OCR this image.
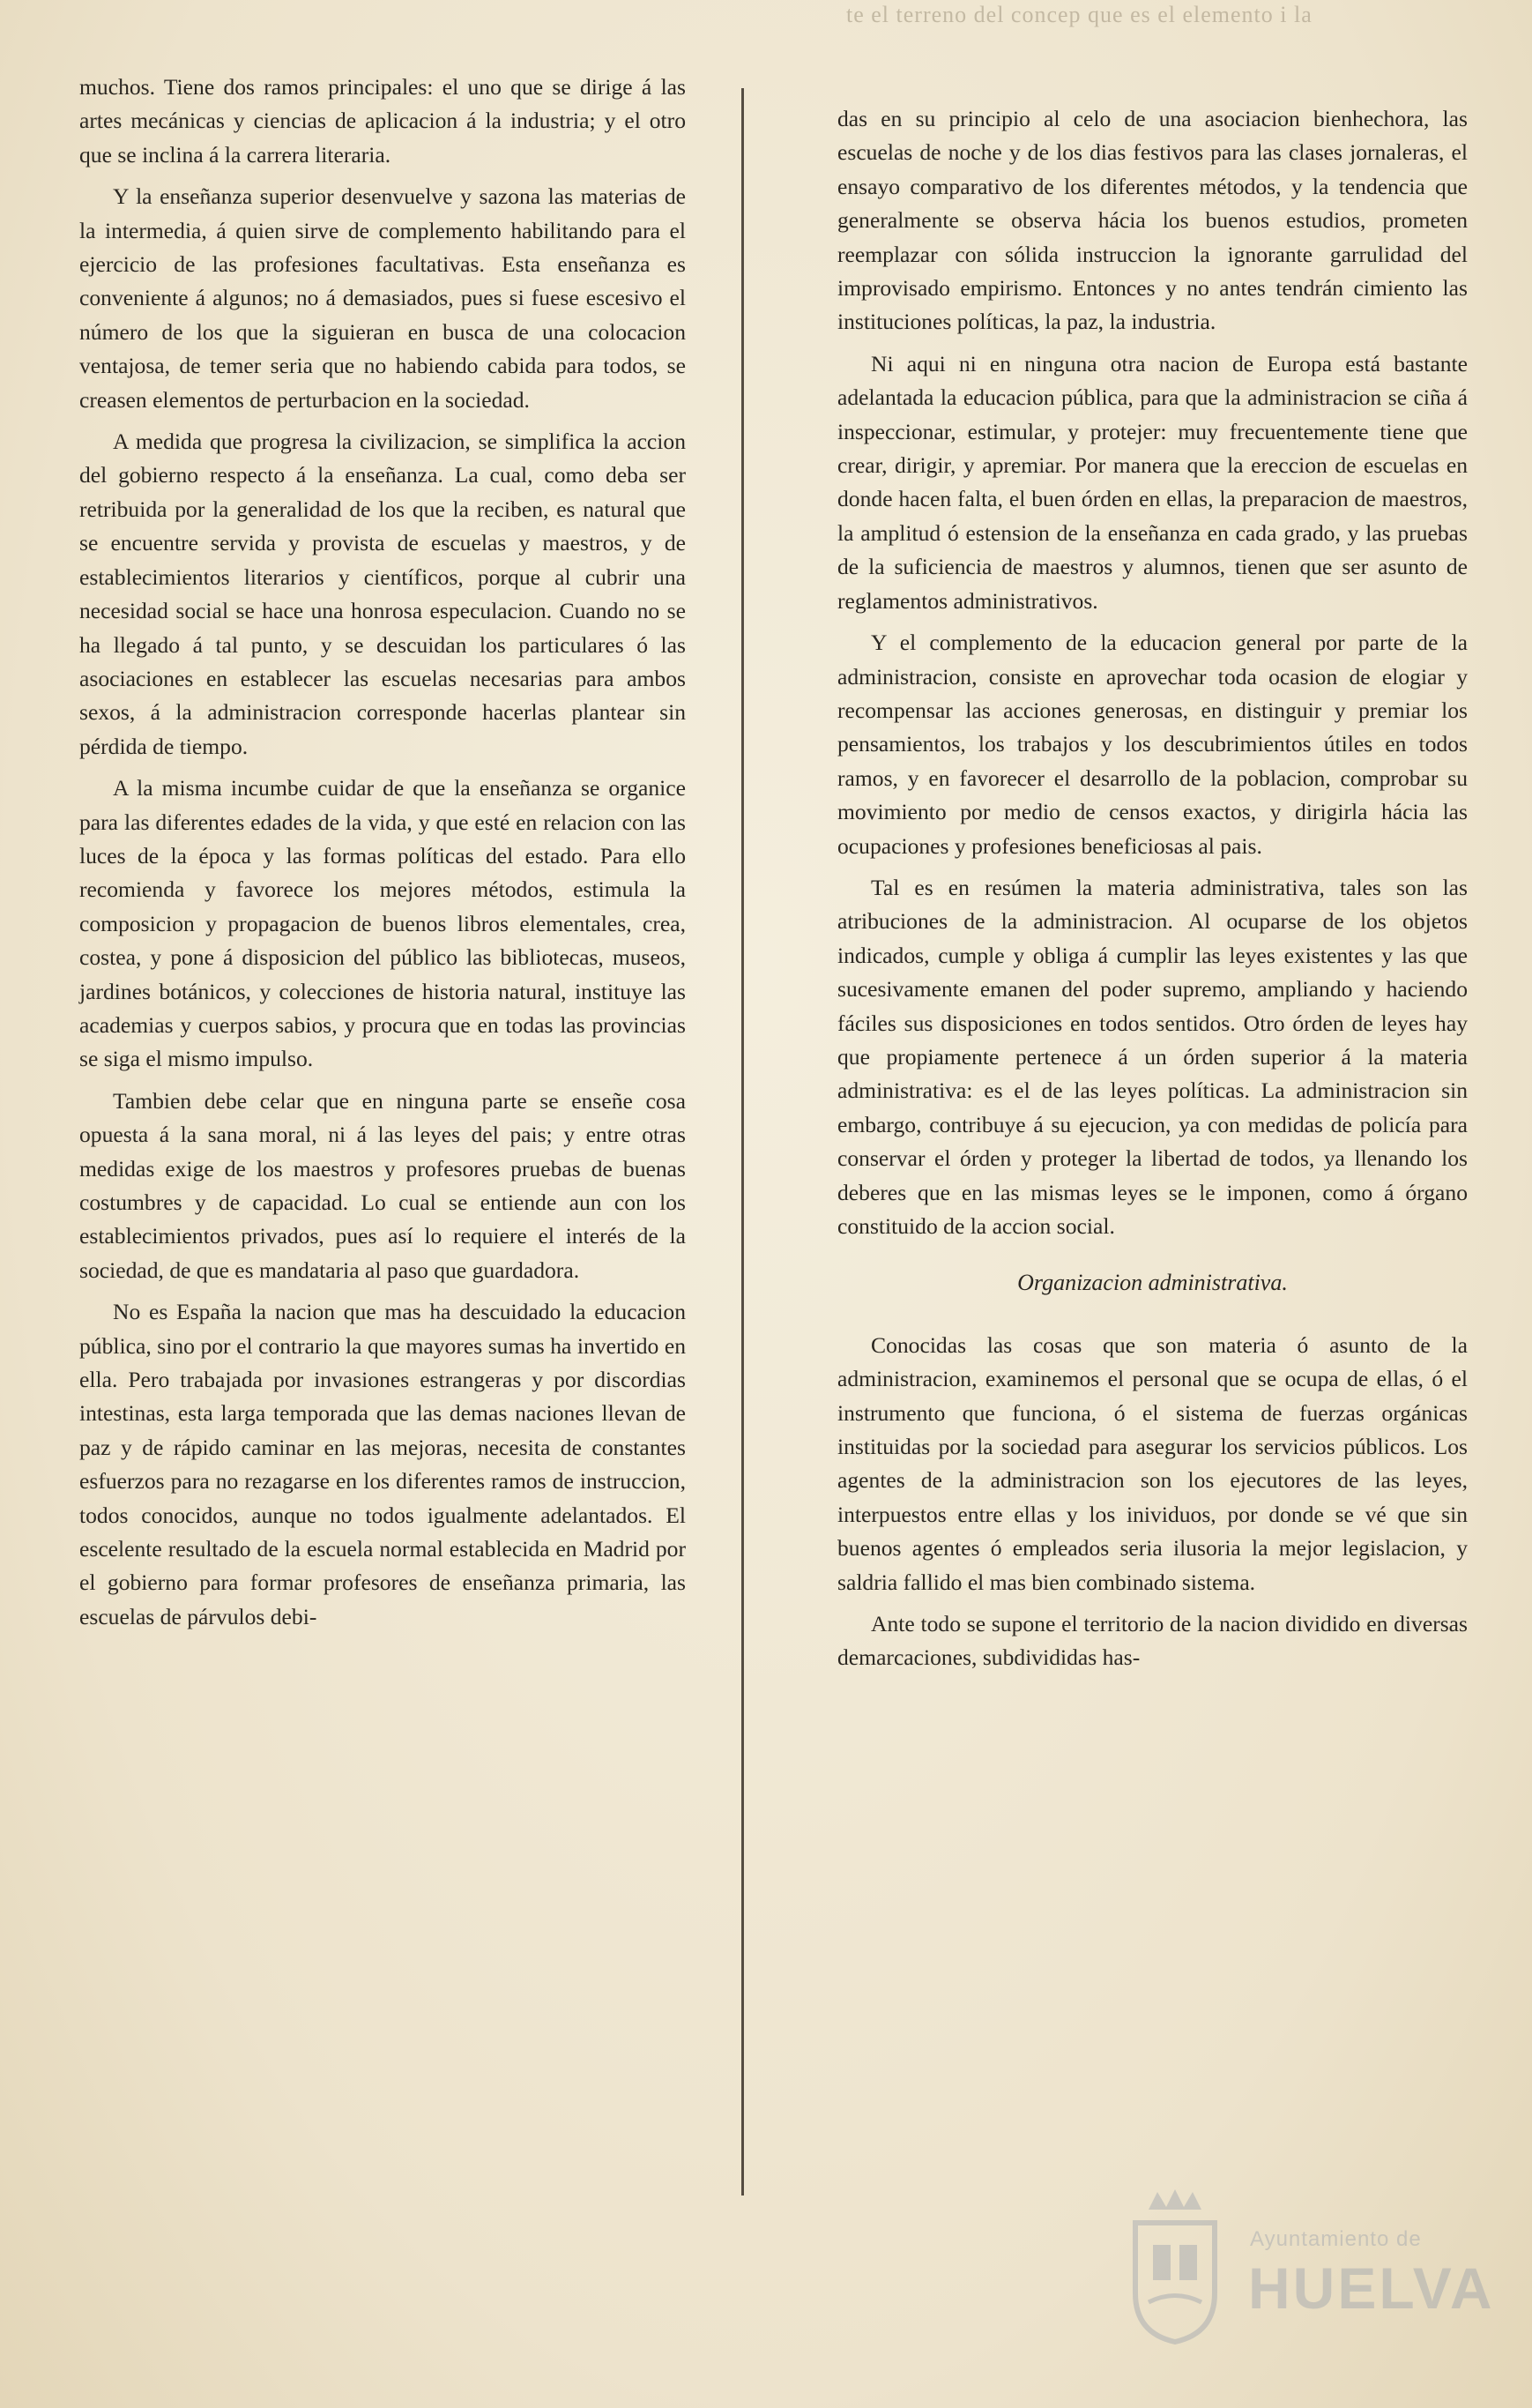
te el terreno del concep que es el elemento i la

muchos. Tiene dos ramos principales: el uno que se dirige á las artes mecánicas y ciencias de aplicacion á la industria; y el otro que se inclina á la carrera literaria.

Y la enseñanza superior desenvuelve y sazona las materias de la intermedia, á quien sirve de complemento habilitando para el ejercicio de las profesiones facultativas. Esta enseñanza es conveniente á algunos; no á demasiados, pues si fuese escesivo el número de los que la siguieran en busca de una colocacion ventajosa, de temer seria que no habiendo cabida para todos, se creasen elementos de perturbacion en la sociedad.

A medida que progresa la civilizacion, se simplifica la accion del gobierno respecto á la enseñanza. La cual, como deba ser retribuida por la generalidad de los que la reciben, es natural que se encuentre servida y provista de escuelas y maestros, y de establecimientos literarios y científicos, porque al cubrir una necesidad social se hace una honrosa especulacion. Cuando no se ha llegado á tal punto, y se descuidan los particulares ó las asociaciones en establecer las escuelas necesarias para ambos sexos, á la administracion corresponde hacerlas plantear sin pérdida de tiempo.

A la misma incumbe cuidar de que la enseñanza se organice para las diferentes edades de la vida, y que esté en relacion con las luces de la época y las formas políticas del estado. Para ello recomienda y favorece los mejores métodos, estimula la composicion y propagacion de buenos libros elementales, crea, costea, y pone á disposicion del público las bibliotecas, museos, jardines botánicos, y colecciones de historia natural, instituye las academias y cuerpos sabios, y procura que en todas las provincias se siga el mismo impulso.

Tambien debe celar que en ninguna parte se enseñe cosa opuesta á la sana moral, ni á las leyes del pais; y entre otras medidas exige de los maestros y profesores pruebas de buenas costumbres y de capacidad. Lo cual se entiende aun con los establecimientos privados, pues así lo requiere el interés de la sociedad, de que es mandataria al paso que guardadora.

No es España la nacion que mas ha descuidado la educacion pública, sino por el contrario la que mayores sumas ha invertido en ella. Pero trabajada por invasiones estrangeras y por discordias intestinas, esta larga temporada que las demas naciones llevan de paz y de rápido caminar en las mejoras, necesita de constantes esfuerzos para no rezagarse en los diferentes ramos de instruccion, todos conocidos, aunque no todos igualmente adelantados. El escelente resultado de la escuela normal establecida en Madrid por el gobierno para formar profesores de enseñanza primaria, las escuelas de párvulos debi-

das en su principio al celo de una asociacion bienhechora, las escuelas de noche y de los dias festivos para las clases jornaleras, el ensayo comparativo de los diferentes métodos, y la tendencia que generalmente se observa hácia los buenos estudios, prometen reemplazar con sólida instruccion la ignorante garrulidad del improvisado empirismo. Entonces y no antes tendrán cimiento las instituciones políticas, la paz, la industria.

Ni aqui ni en ninguna otra nacion de Europa está bastante adelantada la educacion pública, para que la administracion se ciña á inspeccionar, estimular, y protejer: muy frecuentemente tiene que crear, dirigir, y apremiar. Por manera que la ereccion de escuelas en donde hacen falta, el buen órden en ellas, la preparacion de maestros, la amplitud ó estension de la enseñanza en cada grado, y las pruebas de la suficiencia de maestros y alumnos, tienen que ser asunto de reglamentos administrativos.

Y el complemento de la educacion general por parte de la administracion, consiste en aprovechar toda ocasion de elogiar y recompensar las acciones generosas, en distinguir y premiar los pensamientos, los trabajos y los descubrimientos útiles en todos ramos, y en favorecer el desarrollo de la poblacion, comprobar su movimiento por medio de censos exactos, y dirigirla hácia las ocupaciones y profesiones beneficiosas al pais.

Tal es en resúmen la materia administrativa, tales son las atribuciones de la administracion. Al ocuparse de los objetos indicados, cumple y obliga á cumplir las leyes existentes y las que sucesivamente emanen del poder supremo, ampliando y haciendo fáciles sus disposiciones en todos sentidos. Otro órden de leyes hay que propiamente pertenece á un órden superior á la materia administrativa: es el de las leyes políticas. La administracion sin embargo, contribuye á su ejecucion, ya con medidas de policía para conservar el órden y proteger la libertad de todos, ya llenando los deberes que en las mismas leyes se le imponen, como á órgano constituido de la accion social.

Organizacion administrativa.

Conocidas las cosas que son materia ó asunto de la administracion, examinemos el personal que se ocupa de ellas, ó el instrumento que funciona, ó el sistema de fuerzas orgánicas instituidas por la sociedad para asegurar los servicios públicos. Los agentes de la administracion son los ejecutores de las leyes, interpuestos entre ellas y los inividuos, por donde se vé que sin buenos agentes ó empleados seria ilusoria la mejor legislacion, y saldria fallido el mas bien combinado sistema.

Ante todo se supone el territorio de la nacion dividido en diversas demarcaciones, subdivididas has-

Ayuntamiento de
HUELVA
